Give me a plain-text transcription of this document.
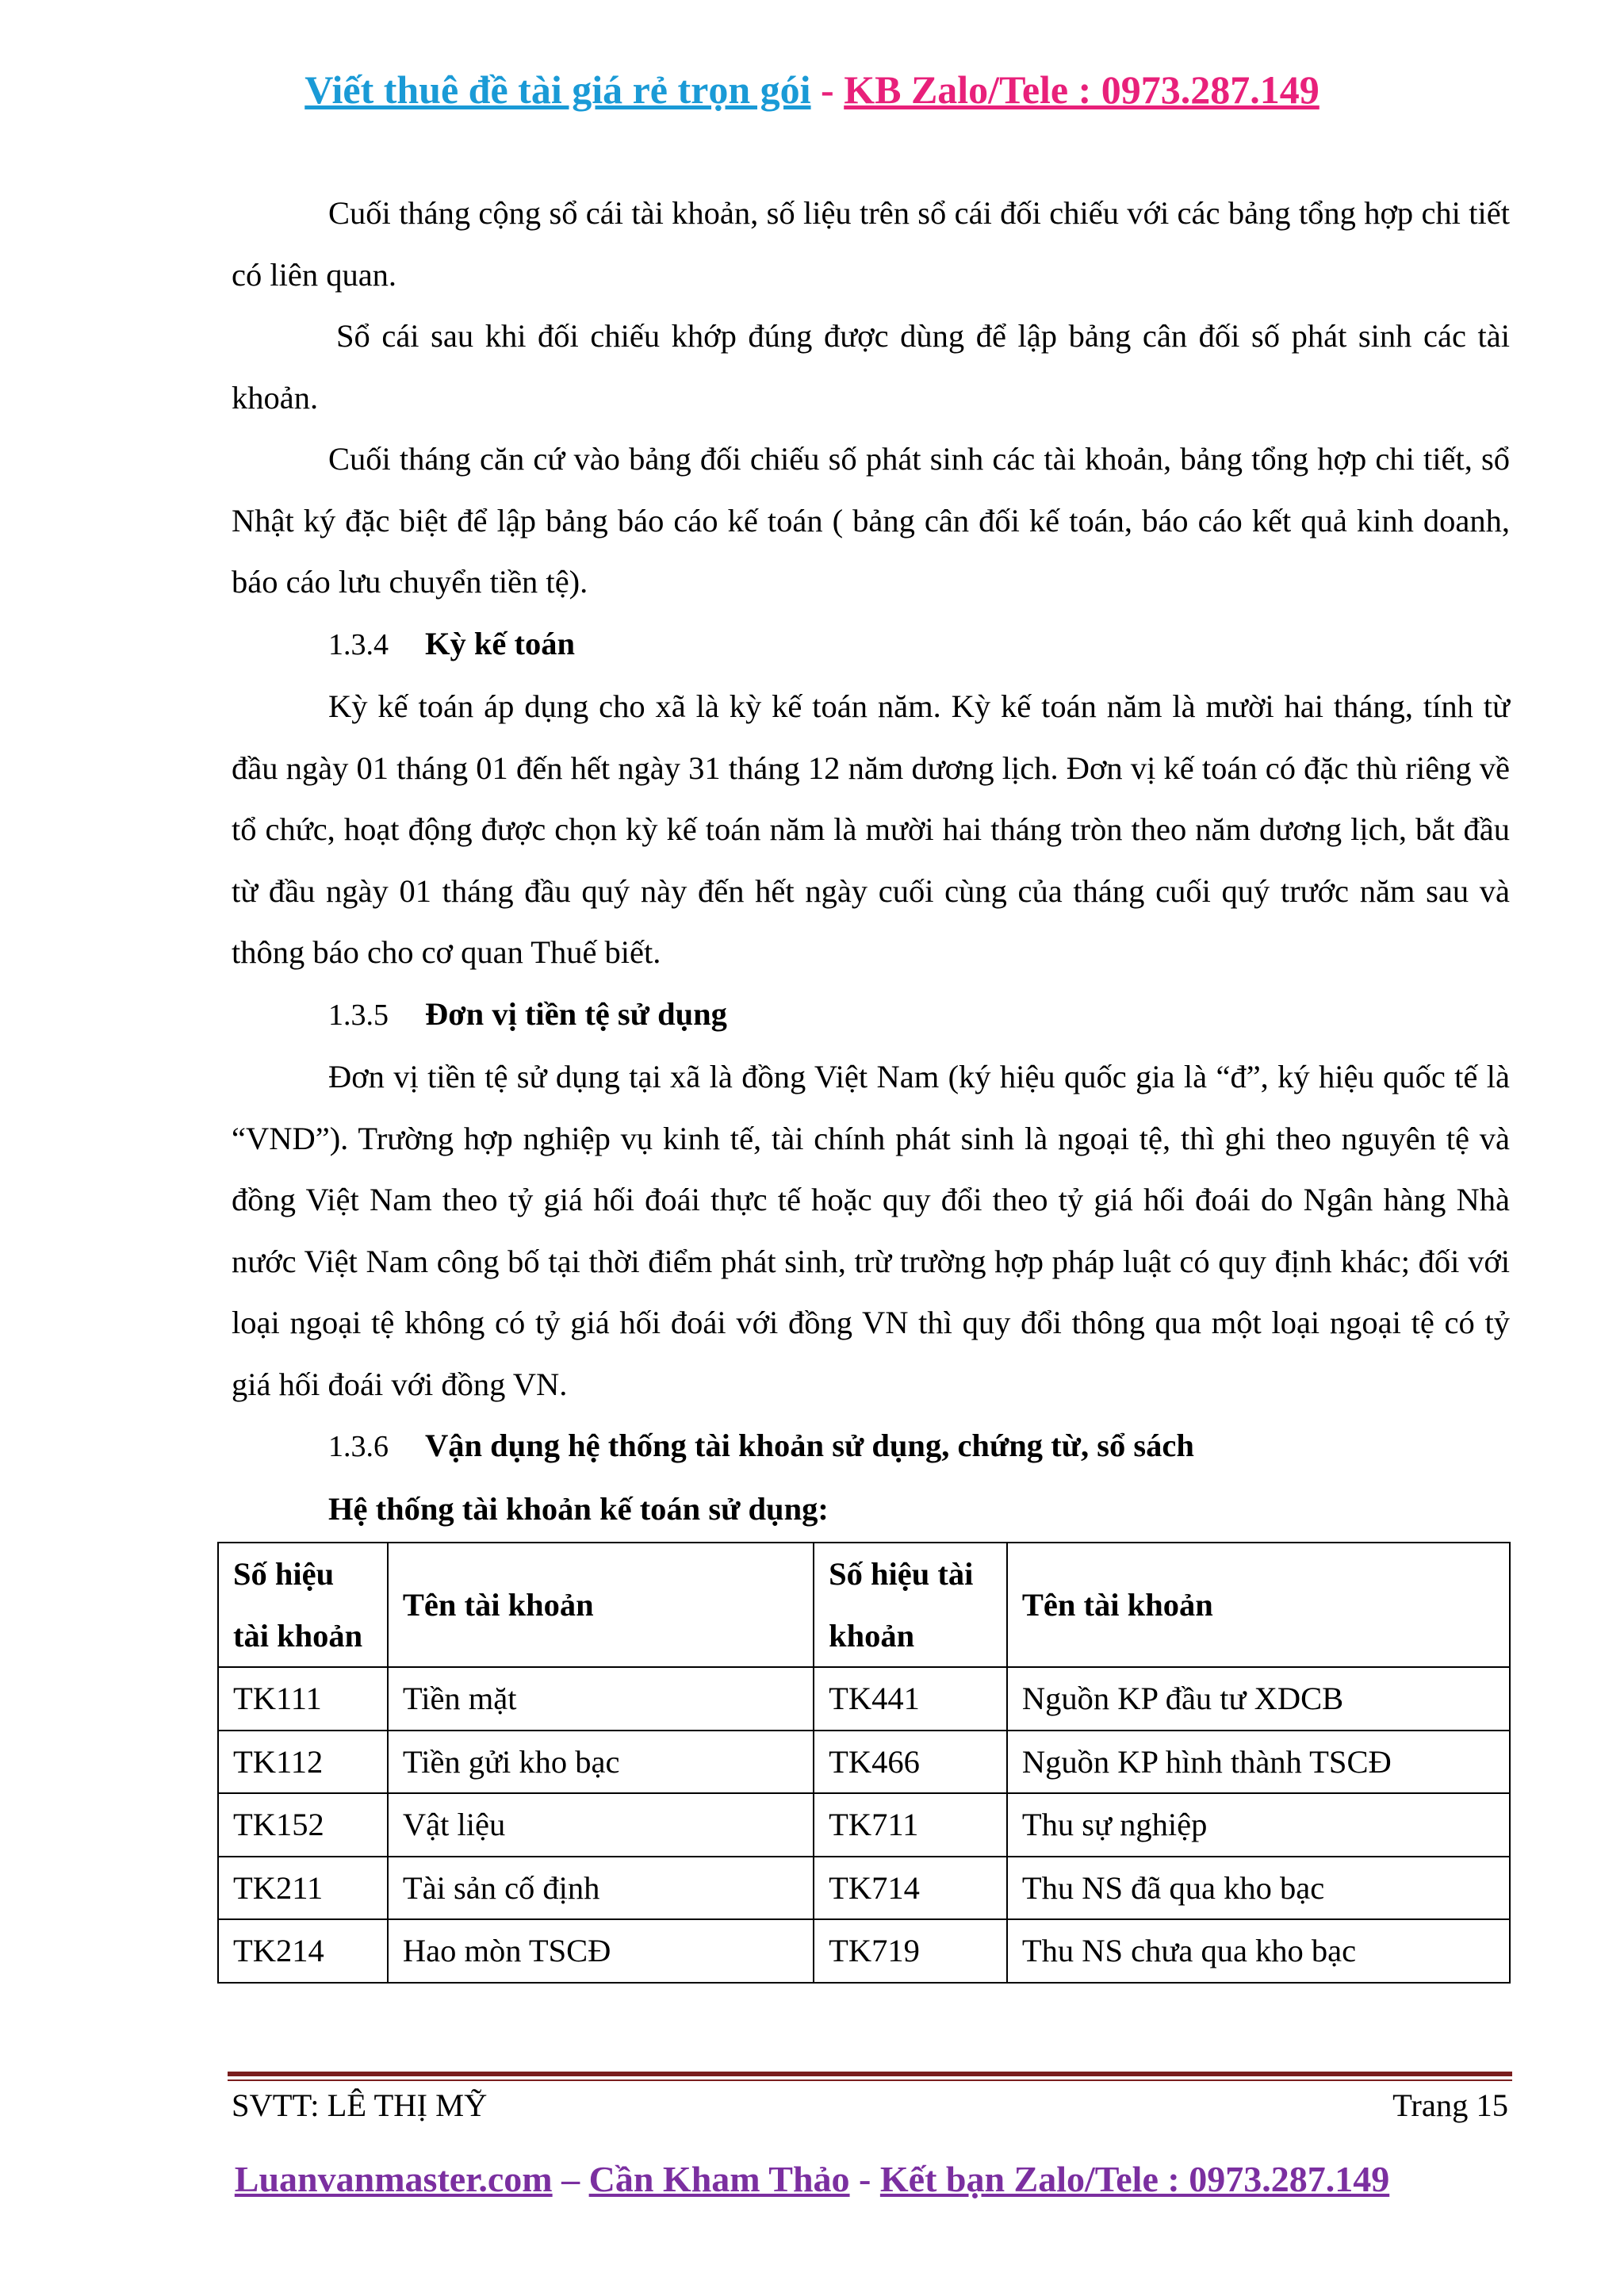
Viết thuê đề tài giá rẻ trọn gói - KB Zalo/Tele : 0973.287.149

Cuối tháng cộng sổ cái tài khoản, số liệu trên sổ cái đối chiếu với các bảng tổng hợp chi tiết có liên quan.

Sổ cái sau khi đối chiếu khớp đúng được dùng để lập bảng cân đối số phát sinh các tài khoản.

Cuối tháng căn cứ vào bảng đối chiếu số phát sinh các tài khoản, bảng tổng hợp chi tiết, sổ Nhật ký đặc biệt để lập bảng báo cáo kế toán ( bảng cân đối kế toán, báo cáo kết quả kinh doanh, báo cáo lưu chuyển tiền tệ).

1.3.4 Kỳ kế toán

Kỳ kế toán áp dụng cho xã là kỳ kế toán năm. Kỳ kế toán năm là mười hai tháng, tính từ đầu ngày 01 tháng 01 đến hết ngày 31 tháng 12 năm dương lịch. Đơn vị kế toán có đặc thù riêng về tổ chức, hoạt động được chọn kỳ kế toán năm là mười hai tháng tròn theo năm dương lịch, bắt đầu từ đầu ngày 01 tháng đầu quý này đến hết ngày cuối cùng của tháng cuối quý trước năm sau và thông báo cho cơ quan Thuế biết.

1.3.5 Đơn vị tiền tệ sử dụng

Đơn vị tiền tệ sử dụng tại xã là đồng Việt Nam (ký hiệu quốc gia là “đ”, ký hiệu quốc tế là “VND”). Trường hợp nghiệp vụ kinh tế, tài chính phát sinh là ngoại tệ, thì ghi theo nguyên tệ và đồng Việt Nam theo tỷ giá hối đoái thực tế hoặc quy đổi theo tỷ giá hối đoái do Ngân hàng Nhà nước Việt Nam công bố tại thời điểm phát sinh, trừ trường hợp pháp luật có quy định khác; đối với loại ngoại tệ không có tỷ giá hối đoái với đồng VN thì quy đổi thông qua một loại ngoại tệ có tỷ giá hối đoái với đồng VN.

1.3.6 Vận dụng hệ thống tài khoản sử dụng, chứng từ, sổ sách

Hệ thống tài khoản kế toán sử dụng:

Số hiệu tài khoản	Tên tài khoản	Số hiệu tài khoản	Tên tài khoản
TK111	Tiền mặt	TK441	Nguồn KP đầu tư XDCB
TK112	Tiền gửi kho bạc	TK466	Nguồn KP hình thành TSCĐ
TK152	Vật liệu	TK711	Thu sự nghiệp
TK211	Tài sản cố định	TK714	Thu NS đã qua kho bạc
TK214	Hao mòn TSCĐ	TK719	Thu NS chưa qua kho bạc
SVTT: LÊ THỊ MỸ	Trang 15
Luanvanmaster.com – Cần Kham Thảo - Kết bạn Zalo/Tele : 0973.287.149
